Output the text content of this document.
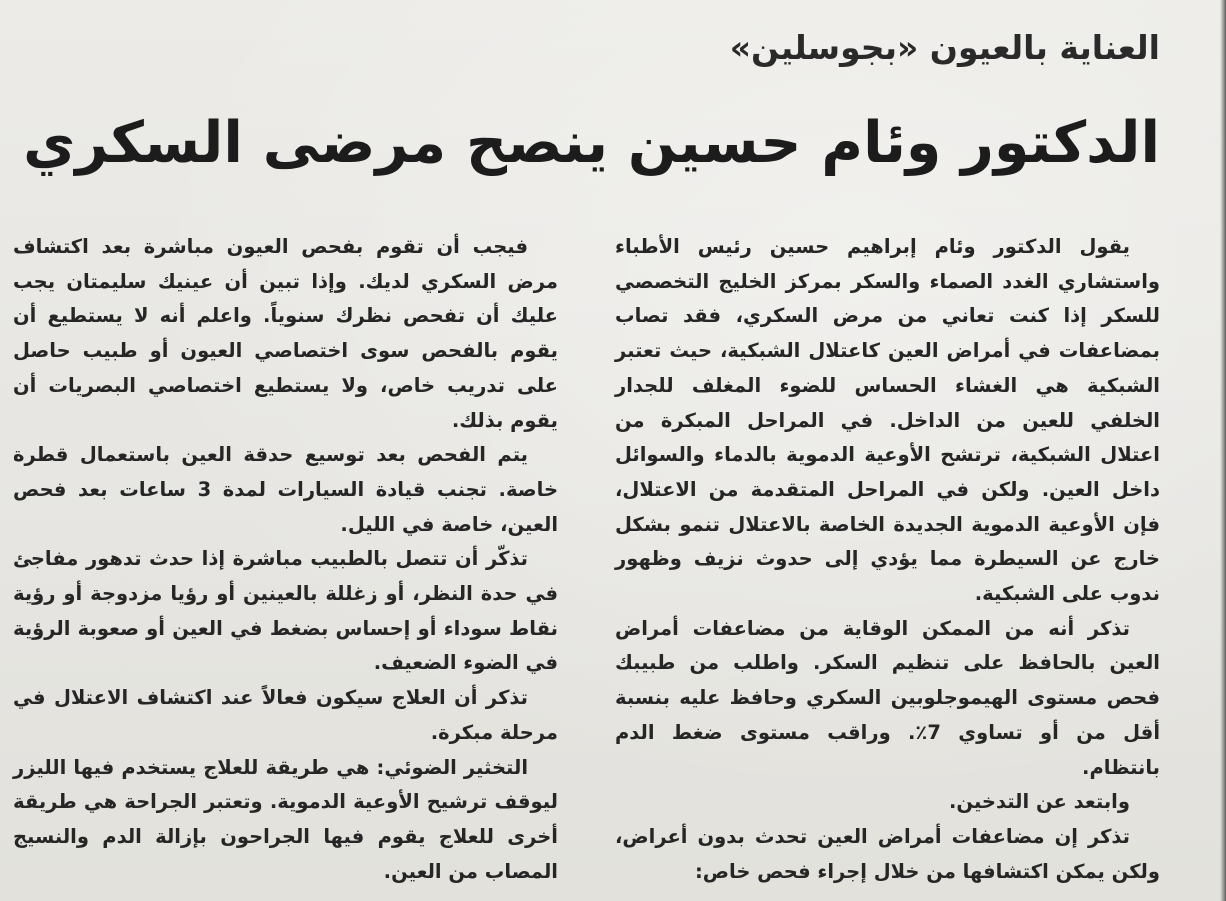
العناية بالعيون «بجوسلين»
الدكتور وئام حسين ينصح مرضى السكري

يقول الدكتور وئام إبراهيم حسين رئيس الأطباء واستشاري الغدد الصماء والسكر بمركز الخليج التخصصي للسكر إذا كنت تعاني من مرض السكري، فقد تصاب بمضاعفات في أمراض العين كاعتلال الشبكية، حيث تعتبر الشبكية هي الغشاء الحساس للضوء المغلف للجدار الخلفي للعين من الداخل. في المراحل المبكرة من اعتلال الشبكية، ترتشح الأوعية الدموية بالدماء والسوائل داخل العين. ولكن في المراحل المتقدمة من الاعتلال، فإن الأوعية الدموية الجديدة الخاصة بالاعتلال تنمو بشكل خارج عن السيطرة مما يؤدي إلى حدوث نزيف وظهور ندوب على الشبكية.

تذكر أنه من الممكن الوقاية من مضاعفات أمراض العين بالحافظ على تنظيم السكر. واطلب من طبيبك فحص مستوى الهيموجلوبين السكري وحافظ عليه بنسبة أقل من أو تساوي 7٪. وراقب مستوى ضغط الدم بانتظام.

وابتعد عن التدخين.

تذكر إن مضاعفات أمراض العين تحدث بدون أعراض، ولكن يمكن اكتشافها من خلال إجراء فحص خاص:

فيجب أن تقوم بفحص العيون مباشرة بعد اكتشاف مرض السكري لديك. وإذا تبين أن عينيك سليمتان يجب عليك أن تفحص نظرك سنوياً. واعلم أنه لا يستطيع أن يقوم بالفحص سوى اختصاصي العيون أو طبيب حاصل على تدريب خاص، ولا يستطيع اختصاصي البصريات أن يقوم بذلك.

يتم الفحص بعد توسيع حدقة العين باستعمال قطرة خاصة. تجنب قيادة السيارات لمدة 3 ساعات بعد فحص العين، خاصة في الليل.

تذكّر أن تتصل بالطبيب مباشرة إذا حدث تدهور مفاجئ في حدة النظر، أو زغللة بالعينين أو رؤيا مزدوجة أو رؤية نقاط سوداء أو إحساس بضغط في العين أو صعوبة الرؤية في الضوء الضعيف.

تذكر أن العلاج سيكون فعالاً عند اكتشاف الاعتلال في مرحلة مبكرة.

التخثير الضوئي: هي طريقة للعلاج يستخدم فيها الليزر ليوقف ترشيح الأوعية الدموية. وتعتبر الجراحة هي طريقة أخرى للعلاج يقوم فيها الجراحون بإزالة الدم والنسيج المصاب من العين.
